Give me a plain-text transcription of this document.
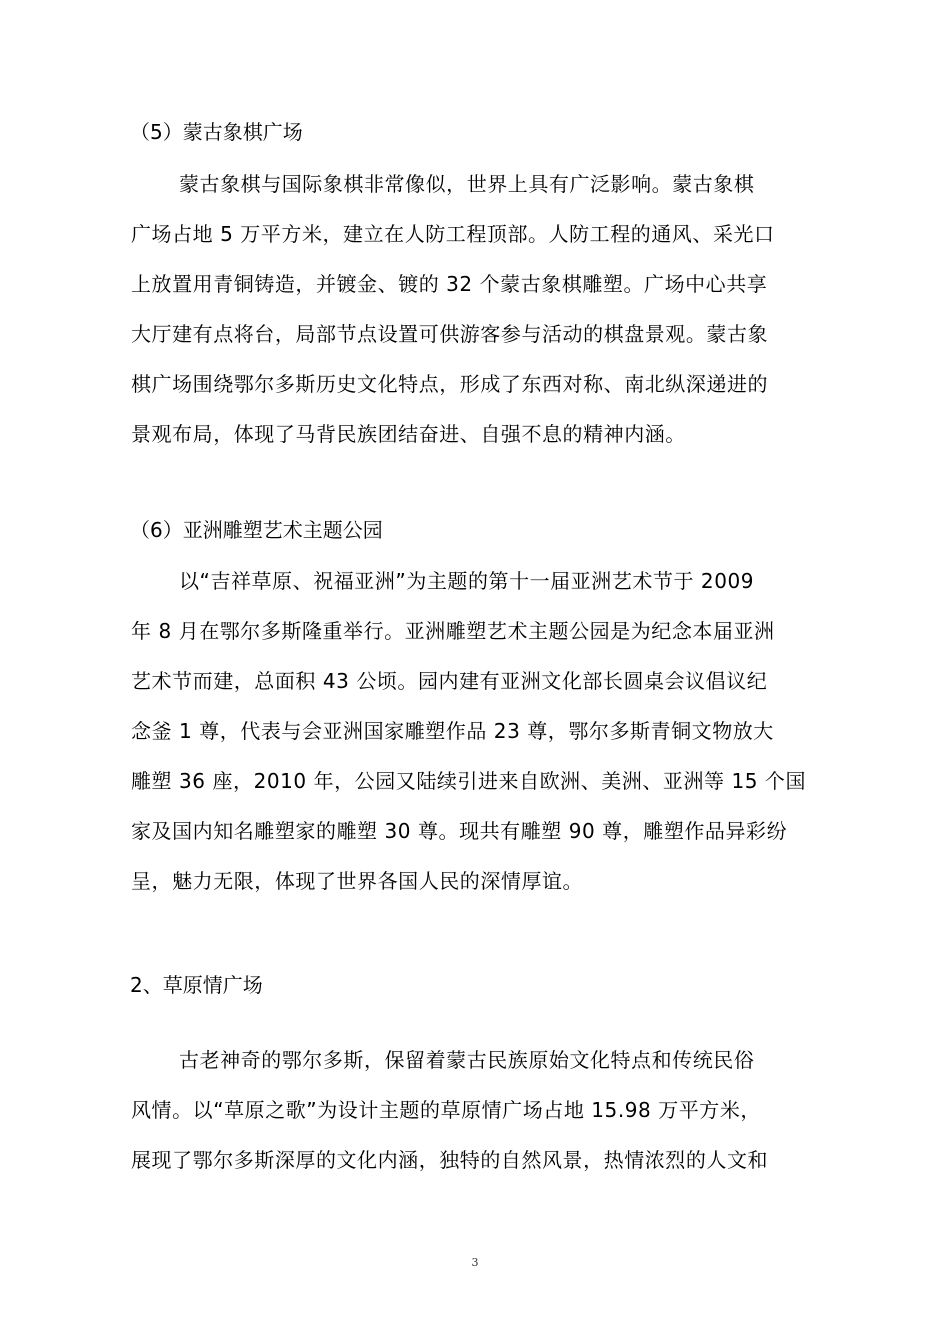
（5）蒙古象棋广场
蒙古象棋与国际象棋非常像似，世界上具有广泛影响。蒙古象棋
广场占地 5 万平方米，建立在人防工程顶部。人防工程的通风、采光口
上放置用青铜铸造，并镀金、镀的 32 个蒙古象棋雕塑。广场中心共享
大厅建有点将台，局部节点设置可供游客参与活动的棋盘景观。蒙古象
棋广场围绕鄂尔多斯历史文化特点，形成了东西对称、南北纵深递进的
景观布局，体现了马背民族团结奋进、自强不息的精神内涵。
（6）亚洲雕塑艺术主题公园
以“吉祥草原、祝福亚洲”为主题的第十一届亚洲艺术节于 2009
年 8 月在鄂尔多斯隆重举行。亚洲雕塑艺术主题公园是为纪念本届亚洲
艺术节而建，总面积 43 公顷。园内建有亚洲文化部长圆桌会议倡议纪
念釜 1 尊，代表与会亚洲国家雕塑作品 23 尊，鄂尔多斯青铜文物放大
雕塑 36 座，2010 年，公园又陆续引进来自欧洲、美洲、亚洲等 15 个国
家及国内知名雕塑家的雕塑 30 尊。现共有雕塑 90 尊，雕塑作品异彩纷
呈，魅力无限，体现了世界各国人民的深情厚谊。
2、草原情广场
古老神奇的鄂尔多斯，保留着蒙古民族原始文化特点和传统民俗
风情。以“草原之歌”为设计主题的草原情广场占地 15.98 万平方米，
展现了鄂尔多斯深厚的文化内涵，独特的自然风景，热情浓烈的人文和
3
